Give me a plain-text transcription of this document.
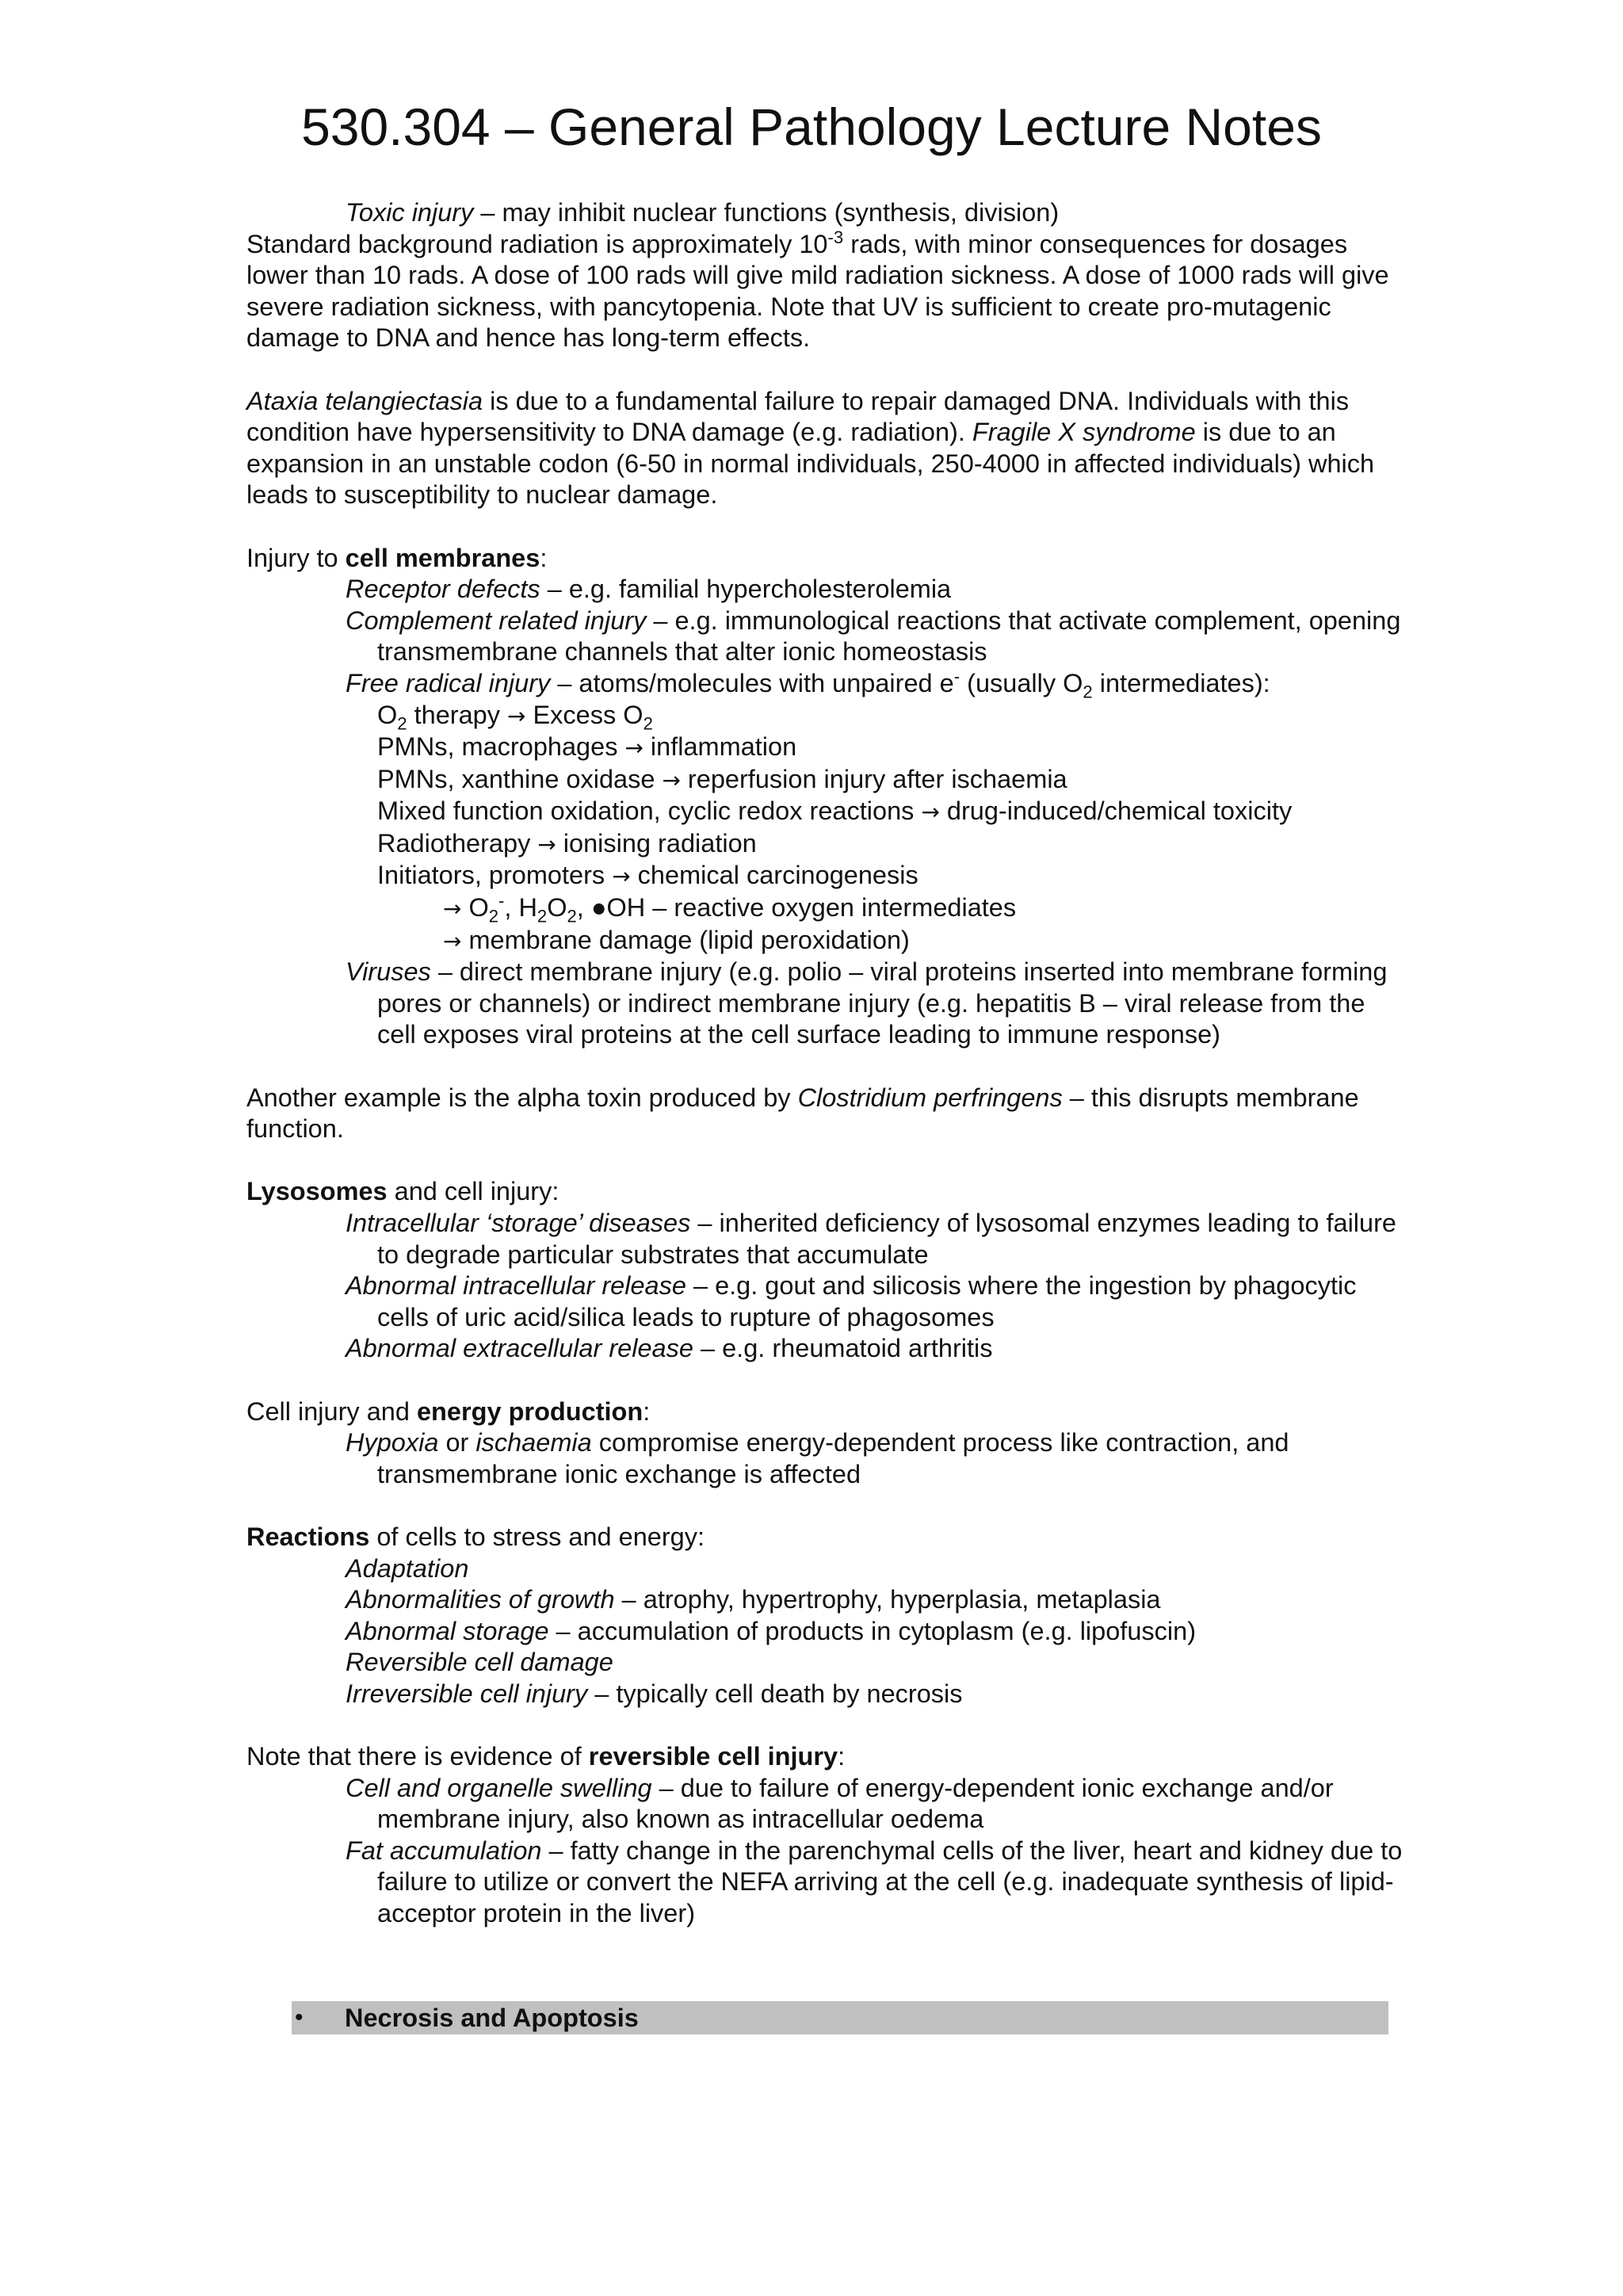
530.304 – General Pathology Lecture Notes

Toxic injury – may inhibit nuclear functions (synthesis, division)

Standard background radiation is approximately $10^{-3}$ rads, with minor consequences for dosages lower than 10 rads. A dose of 100 rads will give mild radiation sickness. A dose of 1000 rads will give severe radiation sickness, with pancytopenia. Note that UV is sufficient to create pro-mutagenic damage to DNA and hence has long-term effects.

Ataxia telangiectasia is due to a fundamental failure to repair damaged DNA. Individuals with this condition have hypersensitivity to DNA damage (e.g. radiation). Fragile X syndrome is due to an expansion in an unstable codon (6-50 in normal individuals, 250-4000 in affected individuals) which leads to susceptibility to nuclear damage.

Injury to cell membranes:

Receptor defects – e.g. familial hypercholesterolemia

Complement related injury – e.g. immunological reactions that activate complement, opening transmembrane channels that alter ionic homeostasis

Free radical injury – atoms/molecules with unpaired e- (usually $O_2$ intermediates):

$O_2$ therapy → Excess $O_2$

PMNs, macrophages → inflammation

PMNs, xanthine oxidase → reperfusion injury after ischaemia

Mixed function oxidation, cyclic redox reactions → drug-induced/chemical toxicity

Radiotherapy → ionising radiation

Initiators, promoters → chemical carcinogenesis

→ $O_2^-$, $H_2O_2$, ●OH – reactive oxygen intermediates

→ membrane damage (lipid peroxidation)

Viruses – direct membrane injury (e.g. polio – viral proteins inserted into membrane forming pores or channels) or indirect membrane injury (e.g. hepatitis B – viral release from the cell exposes viral proteins at the cell surface leading to immune response)

Another example is the alpha toxin produced by Clostridium perfringens – this disrupts membrane function.

Lysosomes and cell injury:

Intracellular ‘storage’ diseases – inherited deficiency of lysosomal enzymes leading to failure to degrade particular substrates that accumulate

Abnormal intracellular release – e.g. gout and silicosis where the ingestion by phagocytic cells of uric acid/silica leads to rupture of phagosomes

Abnormal extracellular release – e.g. rheumatoid arthritis

Cell injury and energy production:

Hypoxia or ischaemia compromise energy-dependent process like contraction, and transmembrane ionic exchange is affected

Reactions of cells to stress and energy:

Adaptation

Abnormalities of growth – atrophy, hypertrophy, hyperplasia, metaplasia

Abnormal storage – accumulation of products in cytoplasm (e.g. lipofuscin)

Reversible cell damage

Irreversible cell injury – typically cell death by necrosis

Note that there is evidence of reversible cell injury:

Cell and organelle swelling – due to failure of energy-dependent ionic exchange and/or membrane injury, also known as intracellular oedema

Fat accumulation – fatty change in the parenchymal cells of the liver, heart and kidney due to failure to utilize or convert the NEFA arriving at the cell (e.g. inadequate synthesis of lipid-acceptor protein in the liver)

• Necrosis and Apoptosis
